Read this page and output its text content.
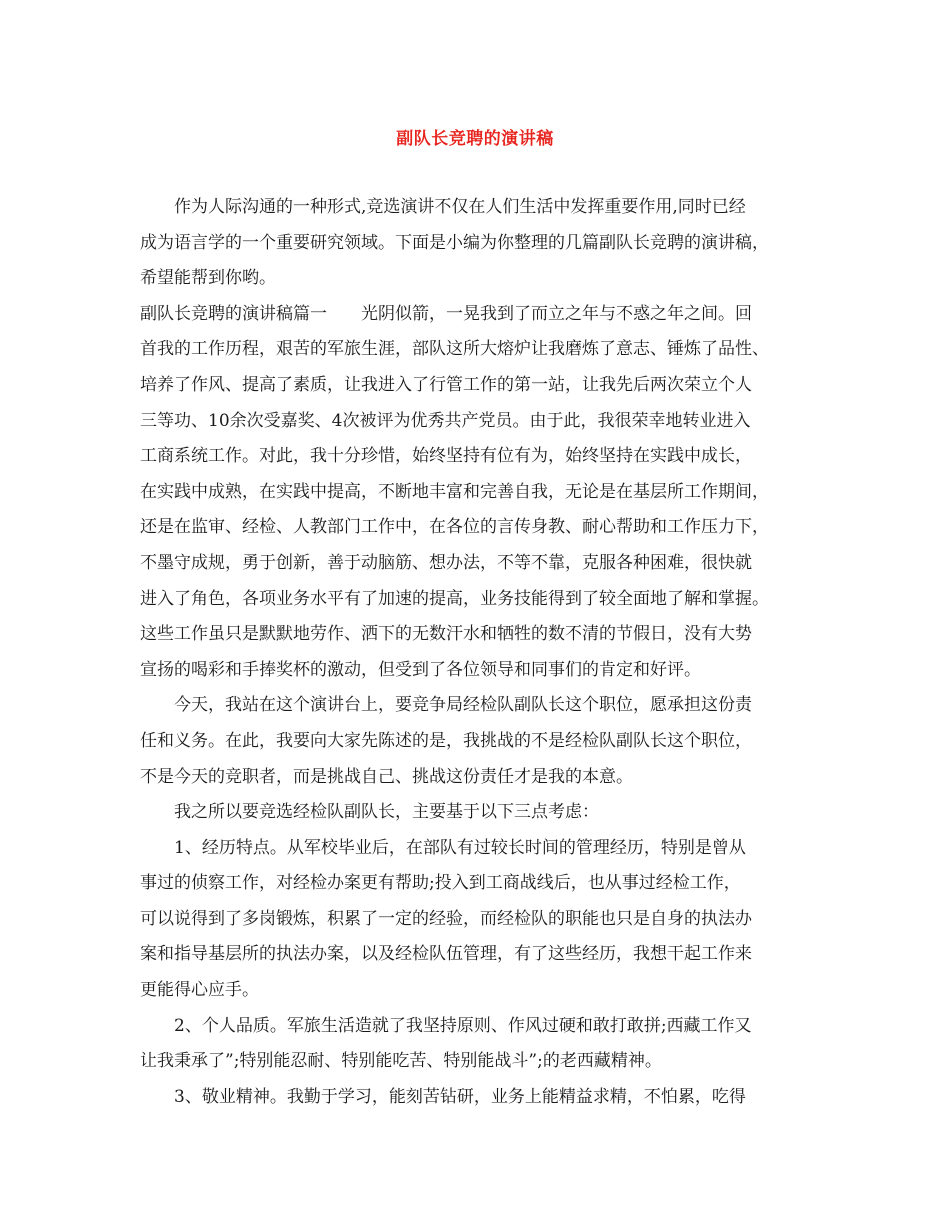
副队长竞聘的演讲稿
作为人际沟通的一种形式,竞选演讲不仅在人们生活中发挥重要作用,同时已经
成为语言学的一个重要研究领域。下面是小编为你整理的几篇副队长竞聘的演讲稿，
希望能帮到你哟。
副队长竞聘的演讲稿篇一　　光阴似箭，一晃我到了而立之年与不惑之年之间。回
首我的工作历程，艰苦的军旅生涯，部队这所大熔炉让我磨炼了意志、锤炼了品性、
培养了作风、提高了素质，让我进入了行管工作的第一站，让我先后两次荣立个人
三等功、10余次受嘉奖、4次被评为优秀共产党员。由于此，我很荣幸地转业进入
工商系统工作。对此，我十分珍惜，始终坚持有位有为，始终坚持在实践中成长，
在实践中成熟，在实践中提高，不断地丰富和完善自我，无论是在基层所工作期间，
还是在监审、经检、人教部门工作中，在各位的言传身教、耐心帮助和工作压力下，
不墨守成规，勇于创新，善于动脑筋、想办法，不等不靠，克服各种困难，很快就
进入了角色，各项业务水平有了加速的提高，业务技能得到了较全面地了解和掌握。
这些工作虽只是默默地劳作、洒下的无数汗水和牺牲的数不清的节假日，没有大势
宣扬的喝彩和手捧奖杯的激动，但受到了各位领导和同事们的肯定和好评。
今天，我站在这个演讲台上，要竞争局经检队副队长这个职位，愿承担这份责
任和义务。在此，我要向大家先陈述的是，我挑战的不是经检队副队长这个职位，
不是今天的竞职者，而是挑战自己、挑战这份责任才是我的本意。
我之所以要竞选经检队副队长，主要基于以下三点考虑：
1、经历特点。从军校毕业后，在部队有过较长时间的管理经历，特别是曾从
事过的侦察工作，对经检办案更有帮助;投入到工商战线后，也从事过经检工作，
可以说得到了多岗锻炼，积累了一定的经验，而经检队的职能也只是自身的执法办
案和指导基层所的执法办案，以及经检队伍管理，有了这些经历，我想干起工作来
更能得心应手。
2、个人品质。军旅生活造就了我坚持原则、作风过硬和敢打敢拼;西藏工作又
让我秉承了”;特别能忍耐、特别能吃苦、特别能战斗”;的老西藏精神。
3、敬业精神。我勤于学习，能刻苦钻研，业务上能精益求精，不怕累，吃得
